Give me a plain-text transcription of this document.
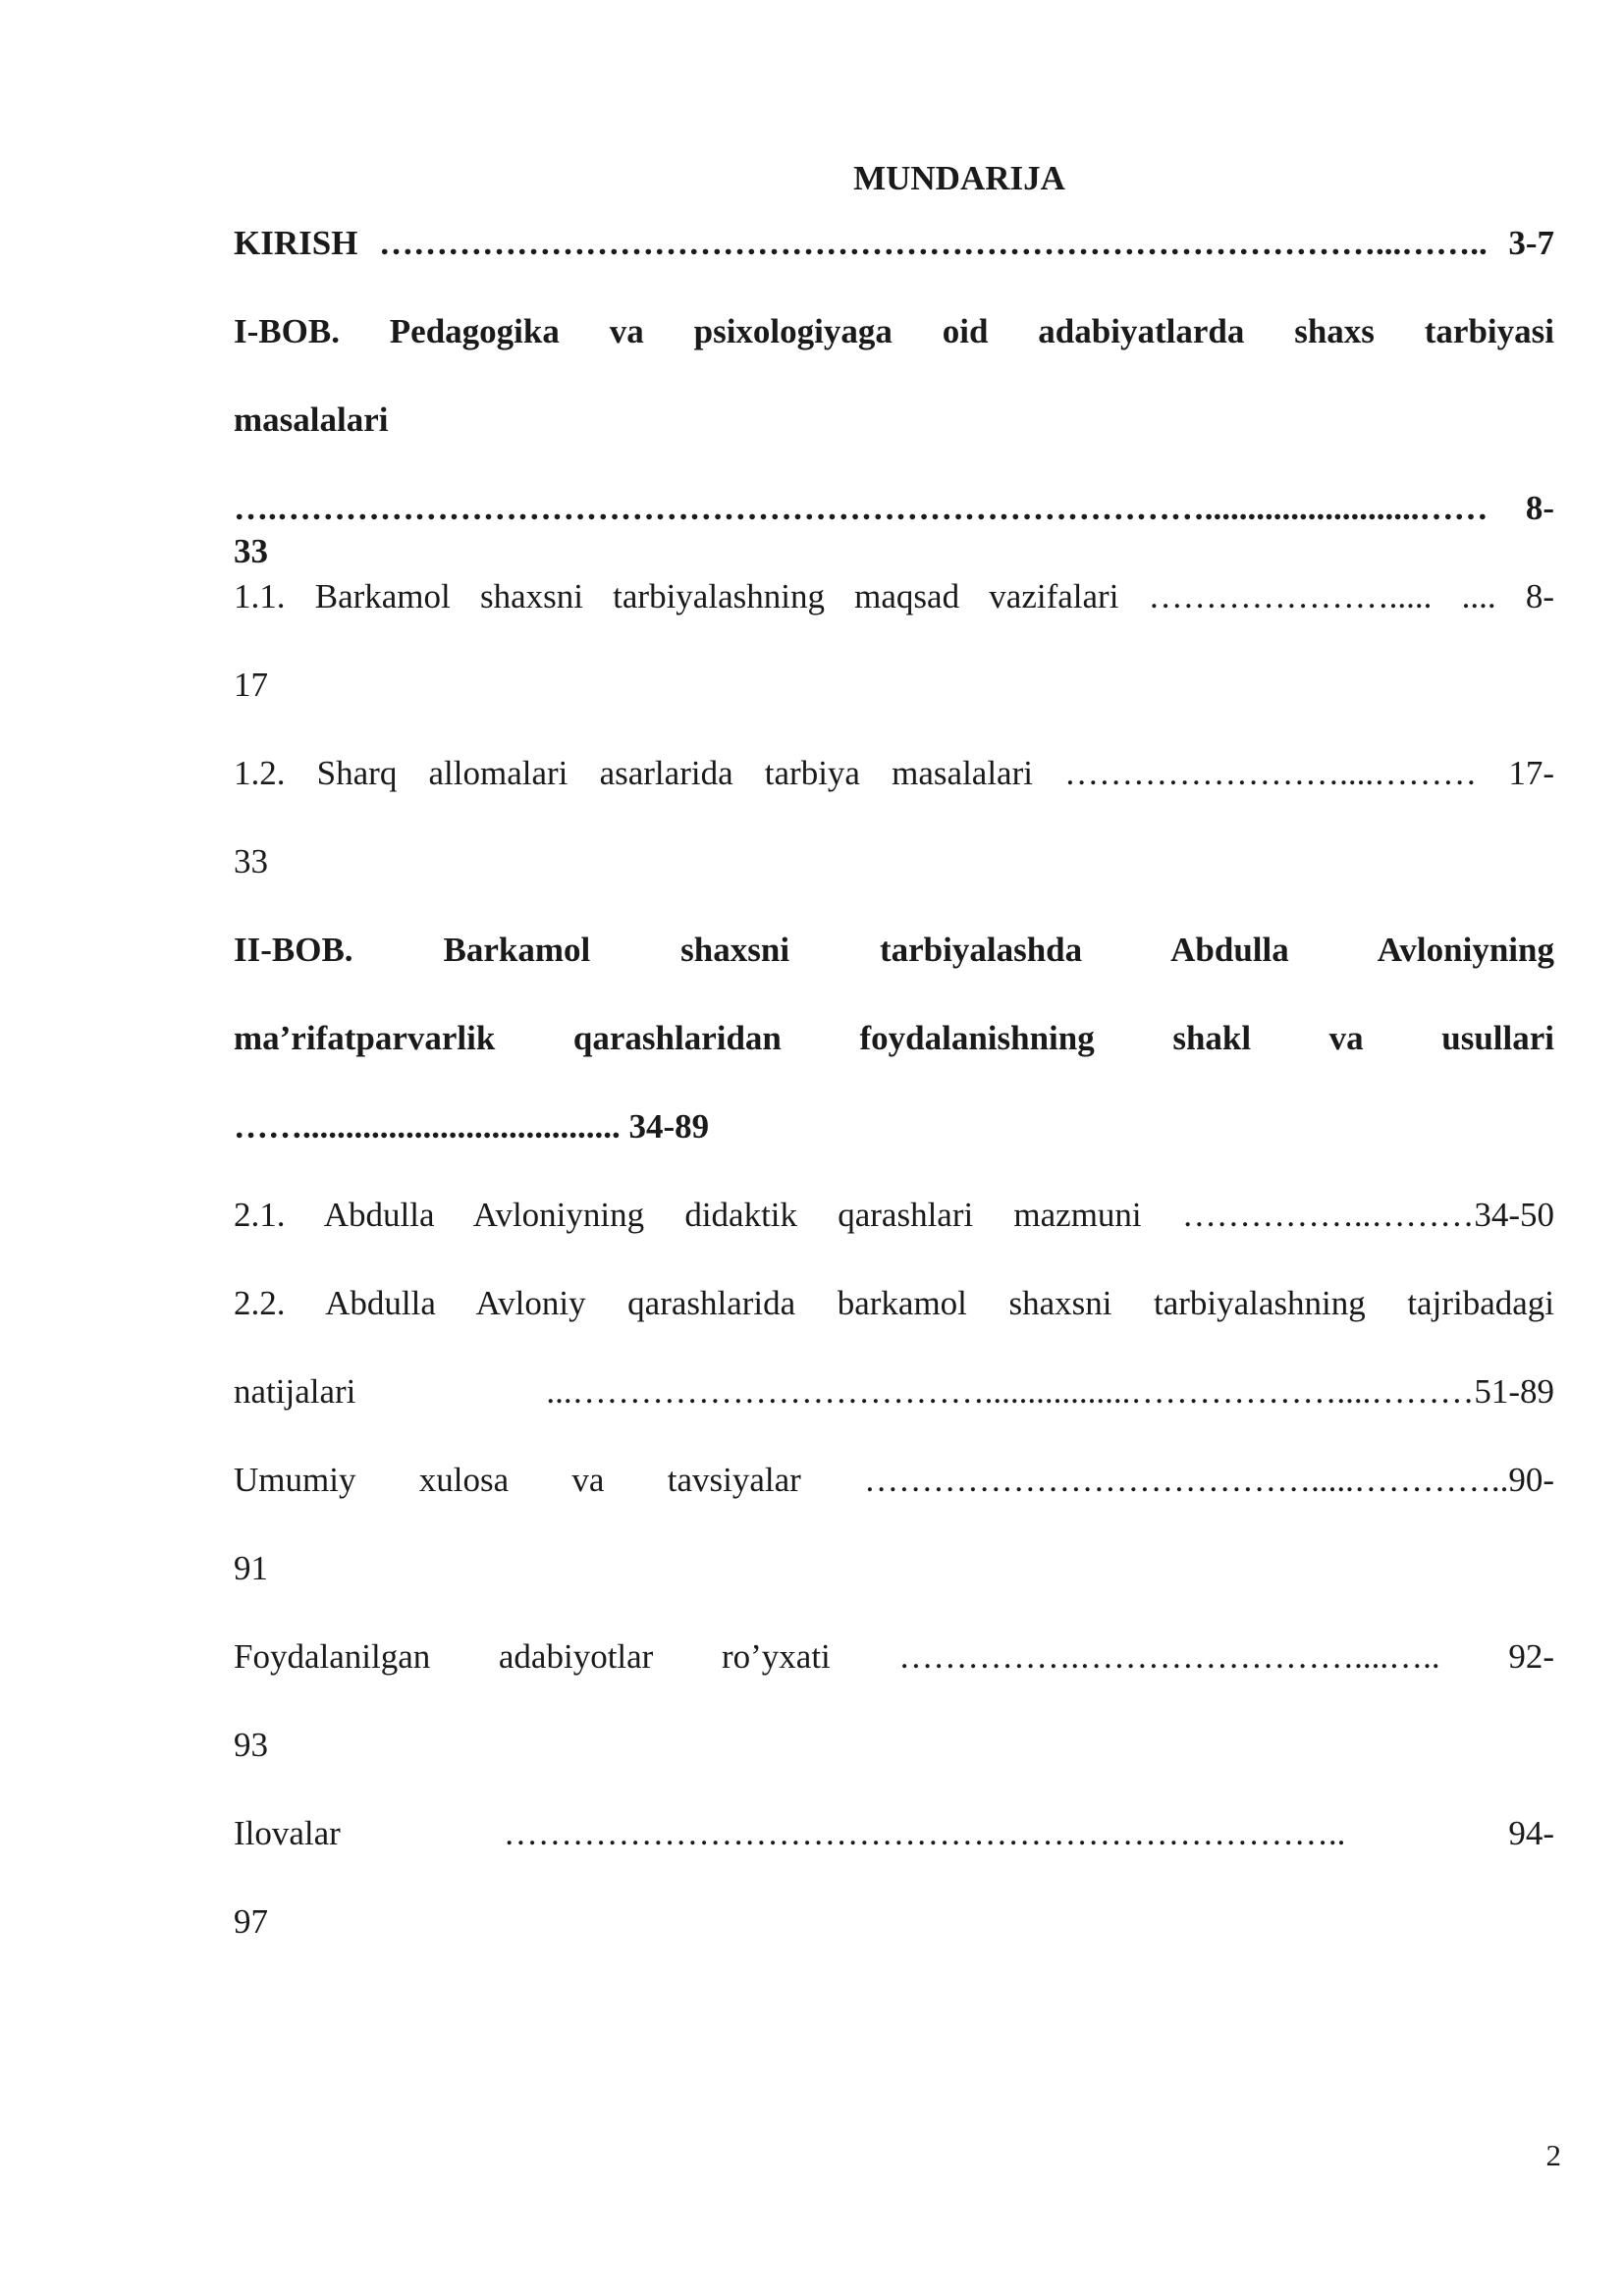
MUNDARIJA
KIRISH ……………………………………………………………………………...…….. 3-7
I-BOB. Pedagogika va psixologiyaga oid adabiyatlarda shaxs tarbiyasi
masalalari
….……………………………………………………………………….........................…… 8-33
1.1. Barkamol shaxsni tarbiyalashning maqsad vazifalari …………………..... .... 8-
17
1.2. Sharq allomalari asarlarida tarbiya masalalari ……………………....……… 17-
33
II-BOB. Barkamol shaxsni tarbiyalashda Abdulla Avloniyning
ma’rifatparvarlik qarashlaridan foydalanishning shakl va usullari
……..................................... 34-89
2.1. Abdulla Avloniyning didaktik qarashlari mazmuni ……………..………34-50
2.2. Abdulla Avloniy qarashlarida barkamol shaxsni tarbiyalashning tajribadagi
natijalari ...……………………………….................………………....………51-89
Umumiy xulosa va tavsiyalar ………………………………….....…………..90-
91
Foydalanilgan adabiyotlar ro’yxati …………….……………………....….. 92-
93
Ilovalar ……………………………………………………………….. 94-
97
2
